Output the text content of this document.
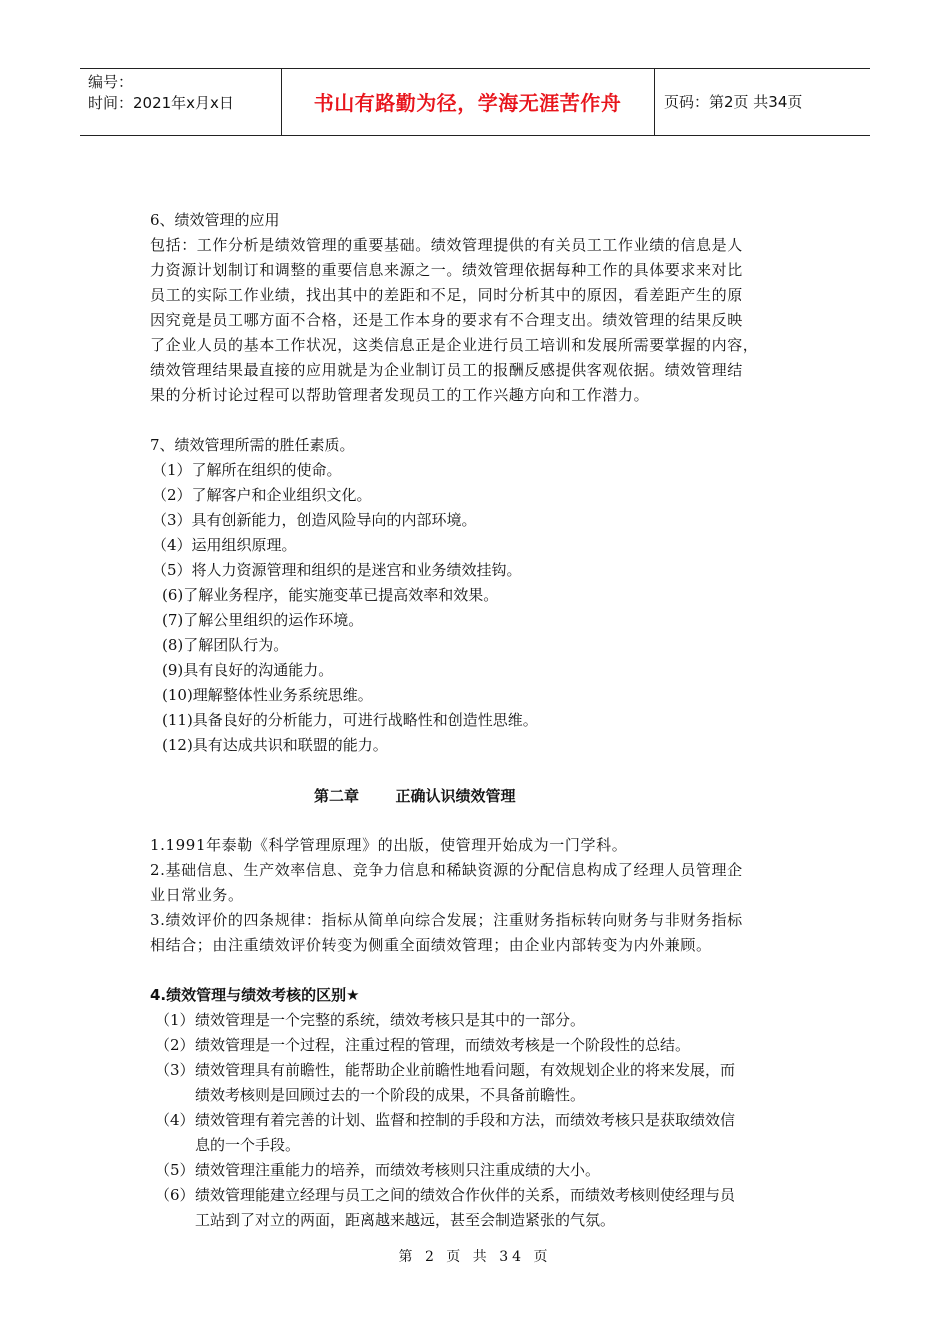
编号：
时间：2021年x月x日	书山有路勤为径，学海无涯苦作舟	页码：第2页 共34页
6、绩效管理的应用
包括：工作分析是绩效管理的重要基础。绩效管理提供的有关员工工作业绩的信息是人
力资源计划制订和调整的重要信息来源之一。绩效管理依据每种工作的具体要求来对比
员工的实际工作业绩，找出其中的差距和不足，同时分析其中的原因，看差距产生的原
因究竟是员工哪方面不合格，还是工作本身的要求有不合理支出。绩效管理的结果反映
了企业人员的基本工作状况，这类信息正是企业进行员工培训和发展所需要掌握的内容，
绩效管理结果最直接的应用就是为企业制订员工的报酬反感提供客观依据。绩效管理结
果的分析讨论过程可以帮助管理者发现员工的工作兴趣方向和工作潜力。
7、绩效管理所需的胜任素质。
（1）了解所在组织的使命。
（2）了解客户和企业组织文化。
（3）具有创新能力，创造风险导向的内部环境。
（4）运用组织原理。
（5）将人力资源管理和组织的是迷宫和业务绩效挂钩。
(6)了解业务程序，能实施变革已提高效率和效果。
(7)了解公里组织的运作环境。
(8)了解团队行为。
(9)具有良好的沟通能力。
(10)理解整体性业务系统思维。
(11)具备良好的分析能力，可进行战略性和创造性思维。
(12)具有达成共识和联盟的能力。
第二章       正确认识绩效管理
1.1991年泰勒《科学管理原理》的出版，使管理开始成为一门学科。
2.基础信息、生产效率信息、竞争力信息和稀缺资源的分配信息构成了经理人员管理企
业日常业务。
3.绩效评价的四条规律：指标从简单向综合发展；注重财务指标转向财务与非财务指标
相结合；由注重绩效评价转变为侧重全面绩效管理；由企业内部转变为内外兼顾。
4.绩效管理与绩效考核的区别★
（1） 绩效管理是一个完整的系统，绩效考核只是其中的一部分。
（2） 绩效管理是一个过程，注重过程的管理，而绩效考核是一个阶段性的总结。
（3） 绩效管理具有前瞻性，能帮助企业前瞻性地看问题，有效规划企业的将来发展，而
绩效考核则是回顾过去的一个阶段的成果，不具备前瞻性。
（4） 绩效管理有着完善的计划、监督和控制的手段和方法，而绩效考核只是获取绩效信
息的一个手段。
（5） 绩效管理注重能力的培养，而绩效考核则只注重成绩的大小。
（6） 绩效管理能建立经理与员工之间的绩效合作伙伴的关系，而绩效考核则使经理与员
工站到了对立的两面，距离越来越远，甚至会制造紧张的气氛。
第 2 页 共 34 页
